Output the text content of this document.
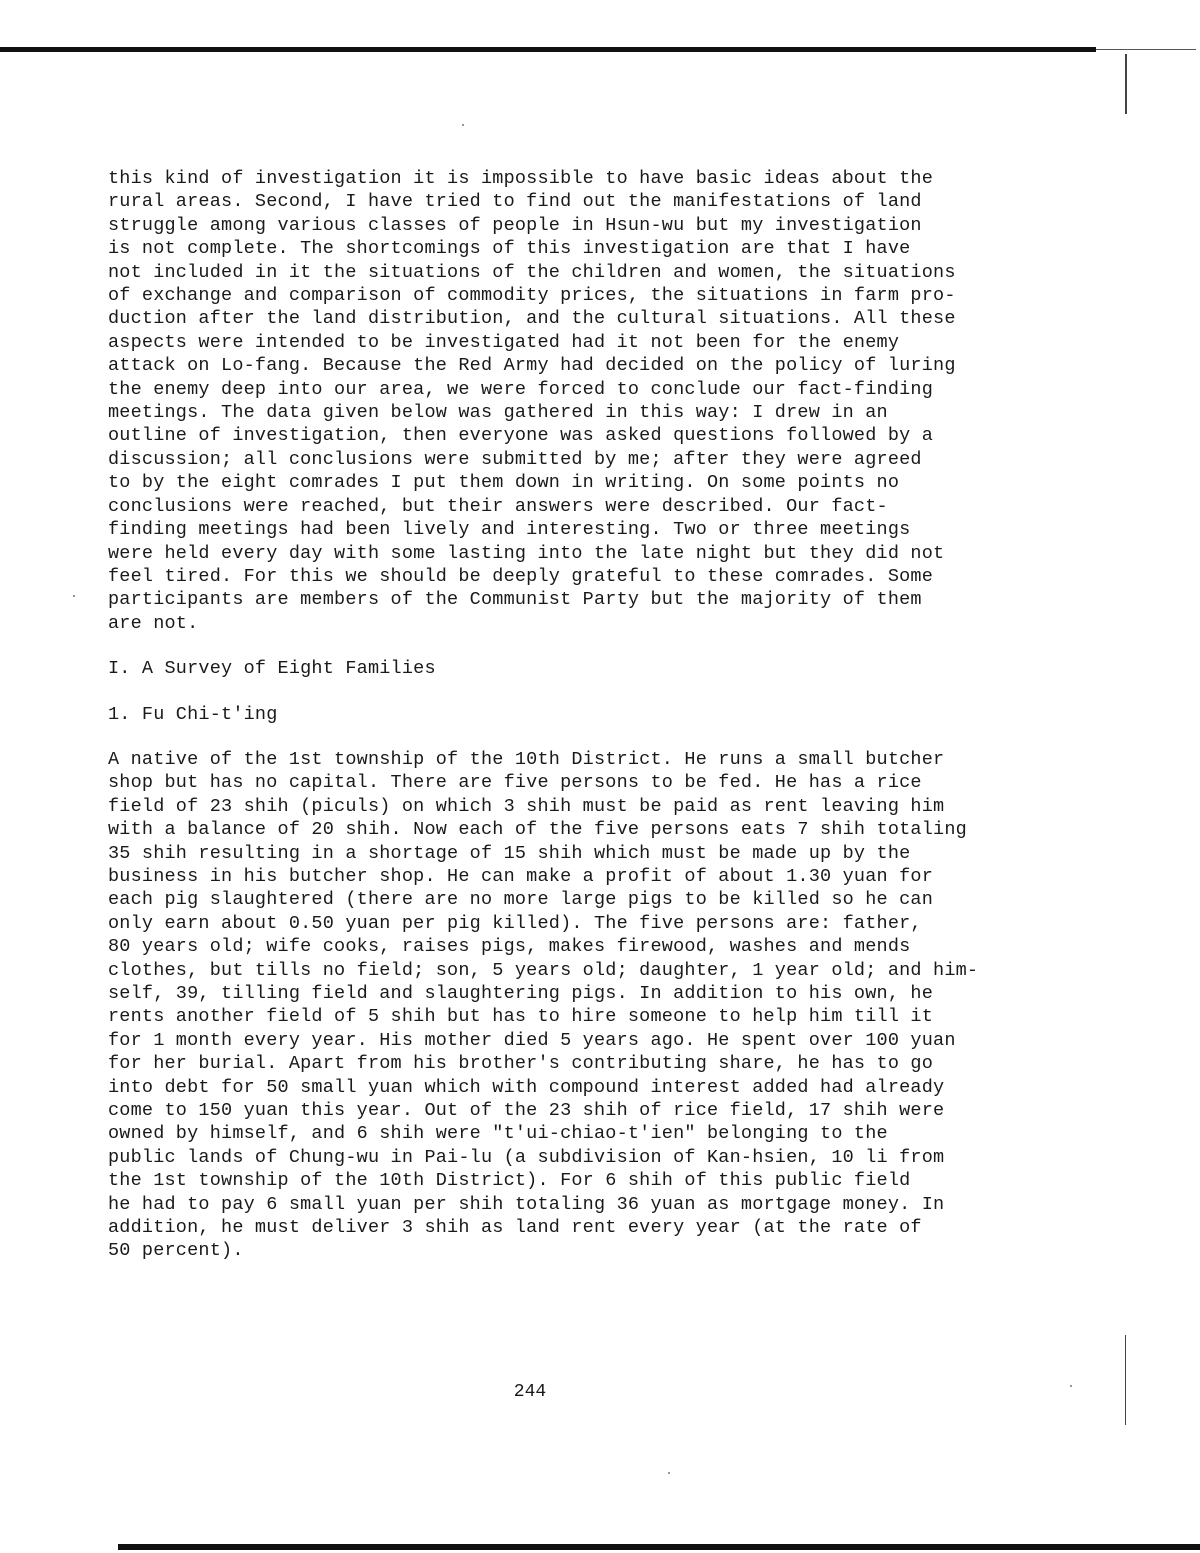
this kind of investigation it is impossible to have basic ideas about the
rural areas. Second, I have tried to find out the manifestations of land
struggle among various classes of people in Hsun-wu but my investigation
is not complete. The shortcomings of this investigation are that I have
not included in it the situations of the children and women, the situations
of exchange and comparison of commodity prices, the situations in farm pro-
duction after the land distribution, and the cultural situations. All these
aspects were intended to be investigated had it not been for the enemy
attack on Lo-fang. Because the Red Army had decided on the policy of luring
the enemy deep into our area, we were forced to conclude our fact-finding
meetings. The data given below was gathered in this way: I drew in an
outline of investigation, then everyone was asked questions followed by a
discussion; all conclusions were submitted by me; after they were agreed
to by the eight comrades I put them down in writing. On some points no
conclusions were reached, but their answers were described. Our fact-
finding meetings had been lively and interesting. Two or three meetings
were held every day with some lasting into the late night but they did not
feel tired. For this we should be deeply grateful to these comrades. Some
participants are members of the Communist Party but the majority of them
are not.

I. A Survey of Eight Families

1. Fu Chi-t'ing

A native of the 1st township of the 10th District. He runs a small butcher
shop but has no capital. There are five persons to be fed. He has a rice
field of 23 shih (piculs) on which 3 shih must be paid as rent leaving him
with a balance of 20 shih. Now each of the five persons eats 7 shih totaling
35 shih resulting in a shortage of 15 shih which must be made up by the
business in his butcher shop. He can make a profit of about 1.30 yuan for
each pig slaughtered (there are no more large pigs to be killed so he can
only earn about 0.50 yuan per pig killed). The five persons are: father,
80 years old; wife cooks, raises pigs, makes firewood, washes and mends
clothes, but tills no field; son, 5 years old; daughter, 1 year old; and him-
self, 39, tilling field and slaughtering pigs. In addition to his own, he
rents another field of 5 shih but has to hire someone to help him till it
for 1 month every year. His mother died 5 years ago. He spent over 100 yuan
for her burial. Apart from his brother's contributing share, he has to go
into debt for 50 small yuan which with compound interest added had already
come to 150 yuan this year. Out of the 23 shih of rice field, 17 shih were
owned by himself, and 6 shih were "t'ui-chiao-t'ien" belonging to the
public lands of Chung-wu in Pai-lu (a subdivision of Kan-hsien, 10 li from
the 1st township of the 10th District). For 6 shih of this public field
he had to pay 6 small yuan per shih totaling 36 yuan as mortgage money. In
addition, he must deliver 3 shih as land rent every year (at the rate of
50 percent).

244
